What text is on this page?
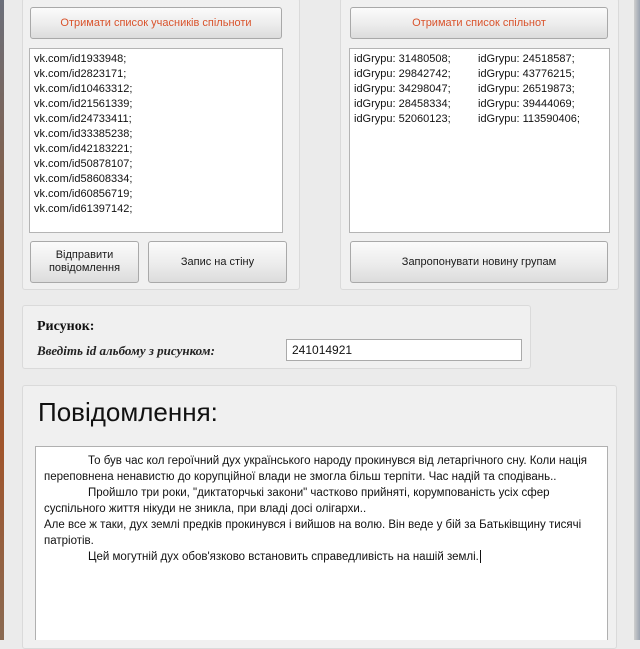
Отримати список учасників спільноти
vk.com/id1933948;
vk.com/id2823171;
vk.com/id10463312;
vk.com/id21561339;
vk.com/id24733411;
vk.com/id33385238;
vk.com/id42183221;
vk.com/id50878107;
vk.com/id58608334;
vk.com/id60856719;
vk.com/id61397142;
Відправити повідомлення
Запис на стіну
Отримати список спільнот
idGrypu: 31480508;
idGrypu: 29842742;
idGrypu: 34298047;
idGrypu: 28458334;
idGrypu: 52060123;
idGrypu: 24518587;
idGrypu: 43776215;
idGrypu: 26519873;
idGrypu: 39444069;
idGrypu: 113590406;
Запропонувати новину групам
Рисунок:
Введіть id альбому з рисунком:	241014921
Повідомлення:

То був час кол героїчний дух українського народу прокинувся від летаргічного сну. Коли нація переповнена ненавистю до корупційної влади не змогла більш терпіти. Час надій та сподівань..

Пройшло три роки, "диктаторчькі закони" частково прийняті, корумпованість усіх сфер суспільного життя нікуди не зникла, при владі досі олігархи..

Але все ж таки, дух землі предків прокинувся і вийшов на волю. Він веде у бій за Батьківщину тисячі патріотів.

Цей могутній дух обов'язково встановить справедливість на нашій землі.
